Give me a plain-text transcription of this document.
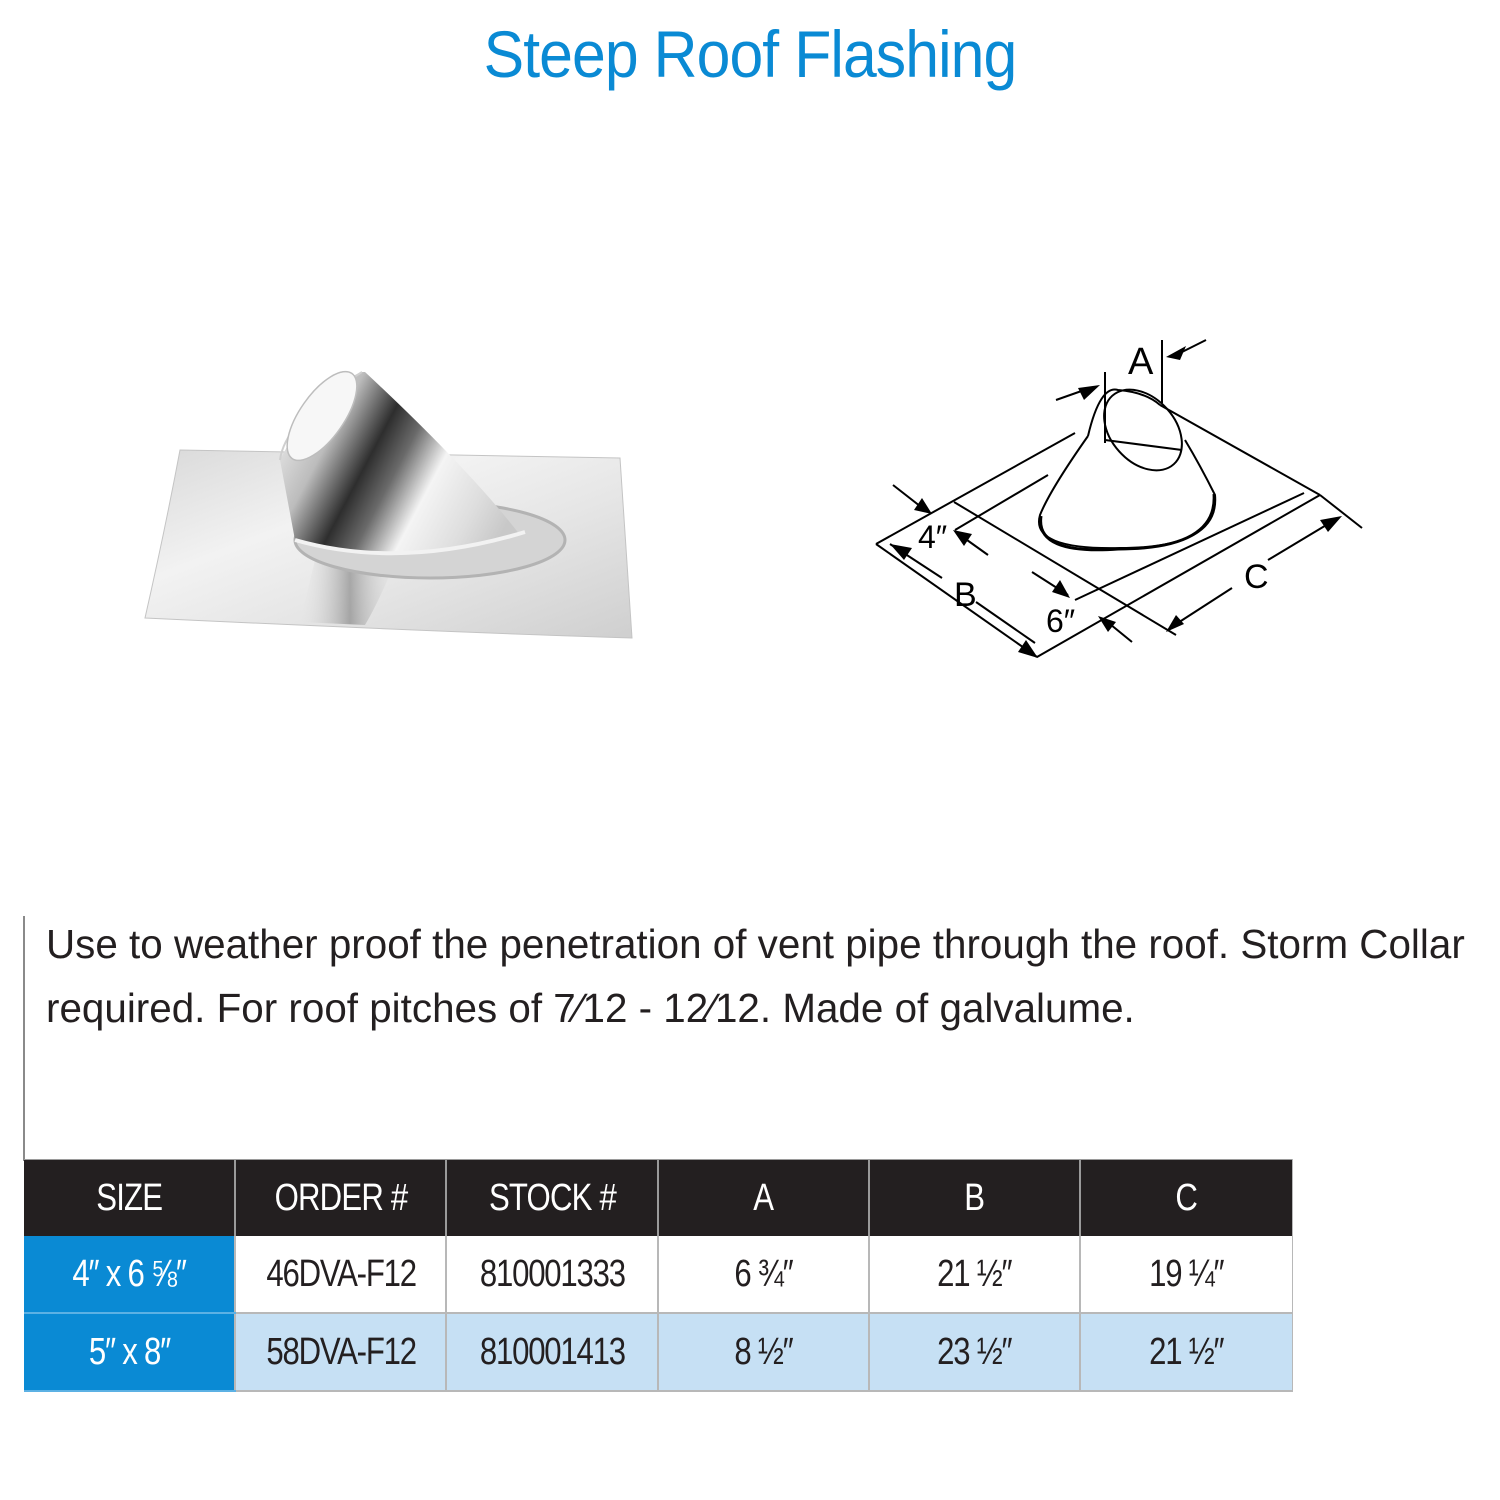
Steep Roof Flashing
A
B	C
4″
6″

Use to weather proof the penetration of vent pipe through the roof. Storm Collar required. For roof pitches of 7⁄12 - 12⁄12. Made of galvalume.

SIZE	ORDER #	STOCK #	A	B	C
4″ x 6 ⅝″	46DVA-F12	810001333	6 ¾″	21 ½″	19 ¼″
5″ x 8″	58DVA-F12	810001413	8 ½″	23 ½″	21 ½″
